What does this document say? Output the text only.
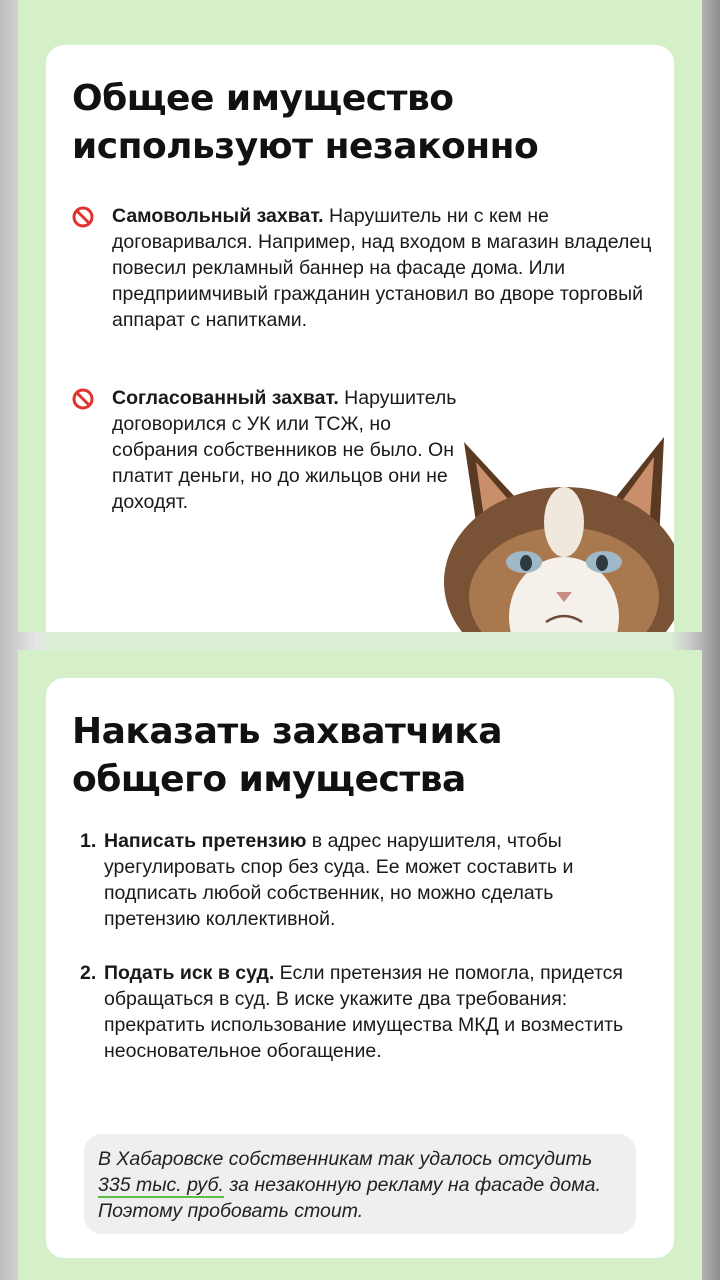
Общее имущество используют незаконно
Самовольный захват. Нарушитель ни с кем не договаривался. Например, над входом в магазин владелец повесил рекламный баннер на фасаде дома. Или предприимчивый гражданин установил во дворе торговый аппарат с напитками.
Согласованный захват. Нарушитель договорился с УК или ТСЖ, но собрания собственников не было. Он платит деньги, но до жильцов они не доходят.
Наказать захватчика общего имущества
1. Написать претензию в адрес нарушителя, чтобы урегулировать спор без суда. Ее может составить и подписать любой собственник, но можно сделать претензию коллективной.
2. Подать иск в суд. Если претензия не помогла, придется обращаться в суд. В иске укажите два требования: прекратить использование имущества МКД и возместить неосновательное обогащение.
В Хабаровске собственникам так удалось отсудить 335 тыс. руб. за незаконную рекламу на фасаде дома. Поэтому пробовать стоит.
